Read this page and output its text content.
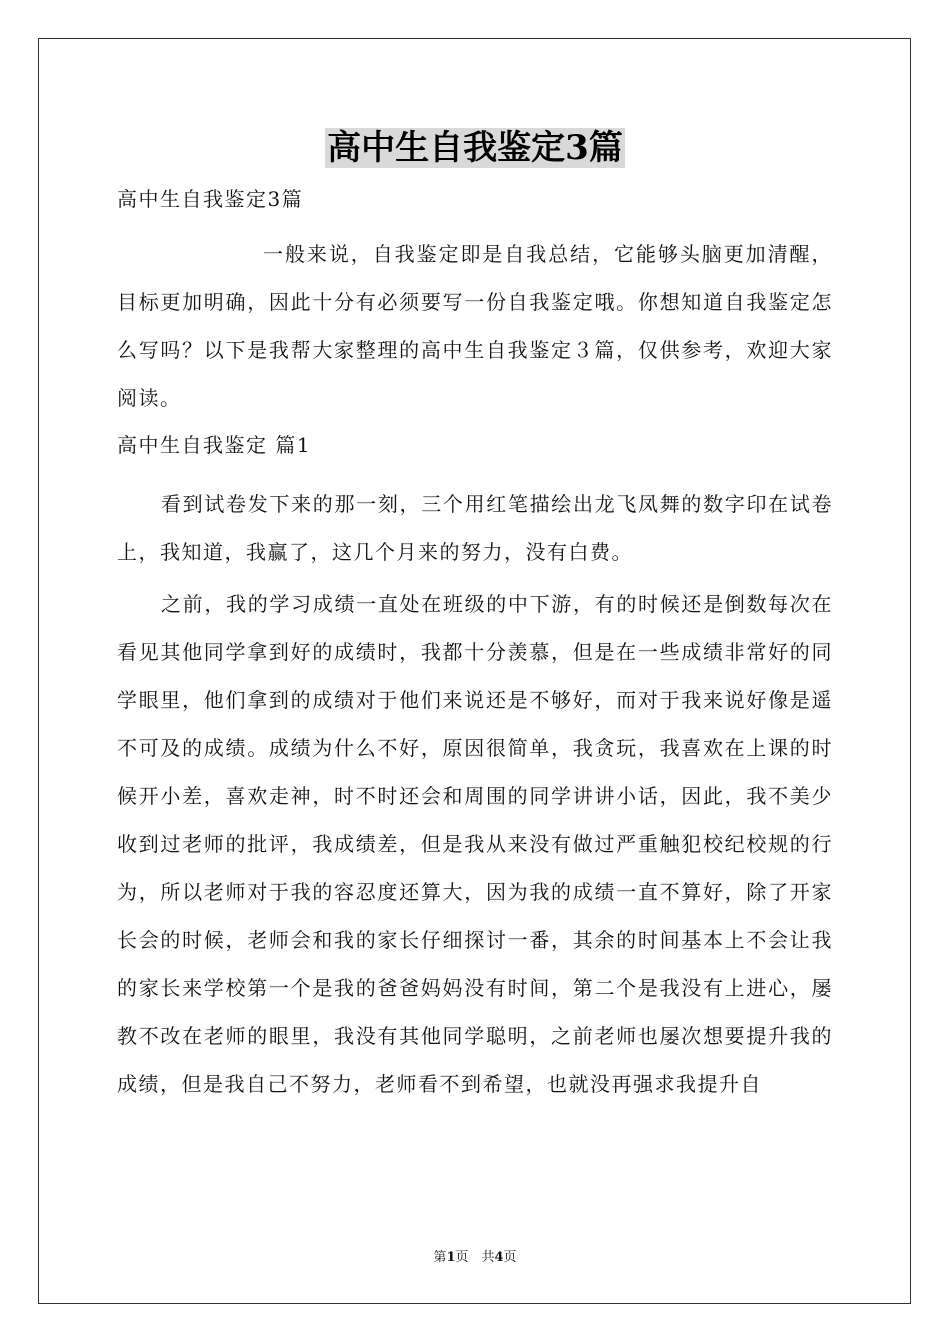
高中生自我鉴定3篇

高中生自我鉴定3篇

一般来说，自我鉴定即是自我总结，它能够头脑更加清醒，目标更加明确，因此十分有必须要写一份自我鉴定哦。你想知道自我鉴定怎么写吗？以下是我帮大家整理的高中生自我鉴定３篇，仅供参考，欢迎大家阅读。

高中生自我鉴定 篇1

看到试卷发下来的那一刻，三个用红笔描绘出龙飞凤舞的数字印在试卷上，我知道，我赢了，这几个月来的努力，没有白费。

之前，我的学习成绩一直处在班级的中下游，有的时候还是倒数每次在看见其他同学拿到好的成绩时，我都十分羡慕，但是在一些成绩非常好的同学眼里，他们拿到的成绩对于他们来说还是不够好，而对于我来说好像是遥不可及的成绩。成绩为什么不好，原因很简单，我贪玩，我喜欢在上课的时候开小差，喜欢走神，时不时还会和周围的同学讲讲小话，因此，我不美少收到过老师的批评，我成绩差，但是我从来没有做过严重触犯校纪校规的行为，所以老师对于我的容忍度还算大，因为我的成绩一直不算好，除了开家长会的时候，老师会和我的家长仔细探讨一番，其余的时间基本上不会让我的家长来学校第一个是我的爸爸妈妈没有时间，第二个是我没有上进心，屡教不改在老师的眼里，我没有其他同学聪明，之前老师也屡次想要提升我的成绩，但是我自己不努力，老师看不到希望，也就没再强求我提升自

第1页　共4页
